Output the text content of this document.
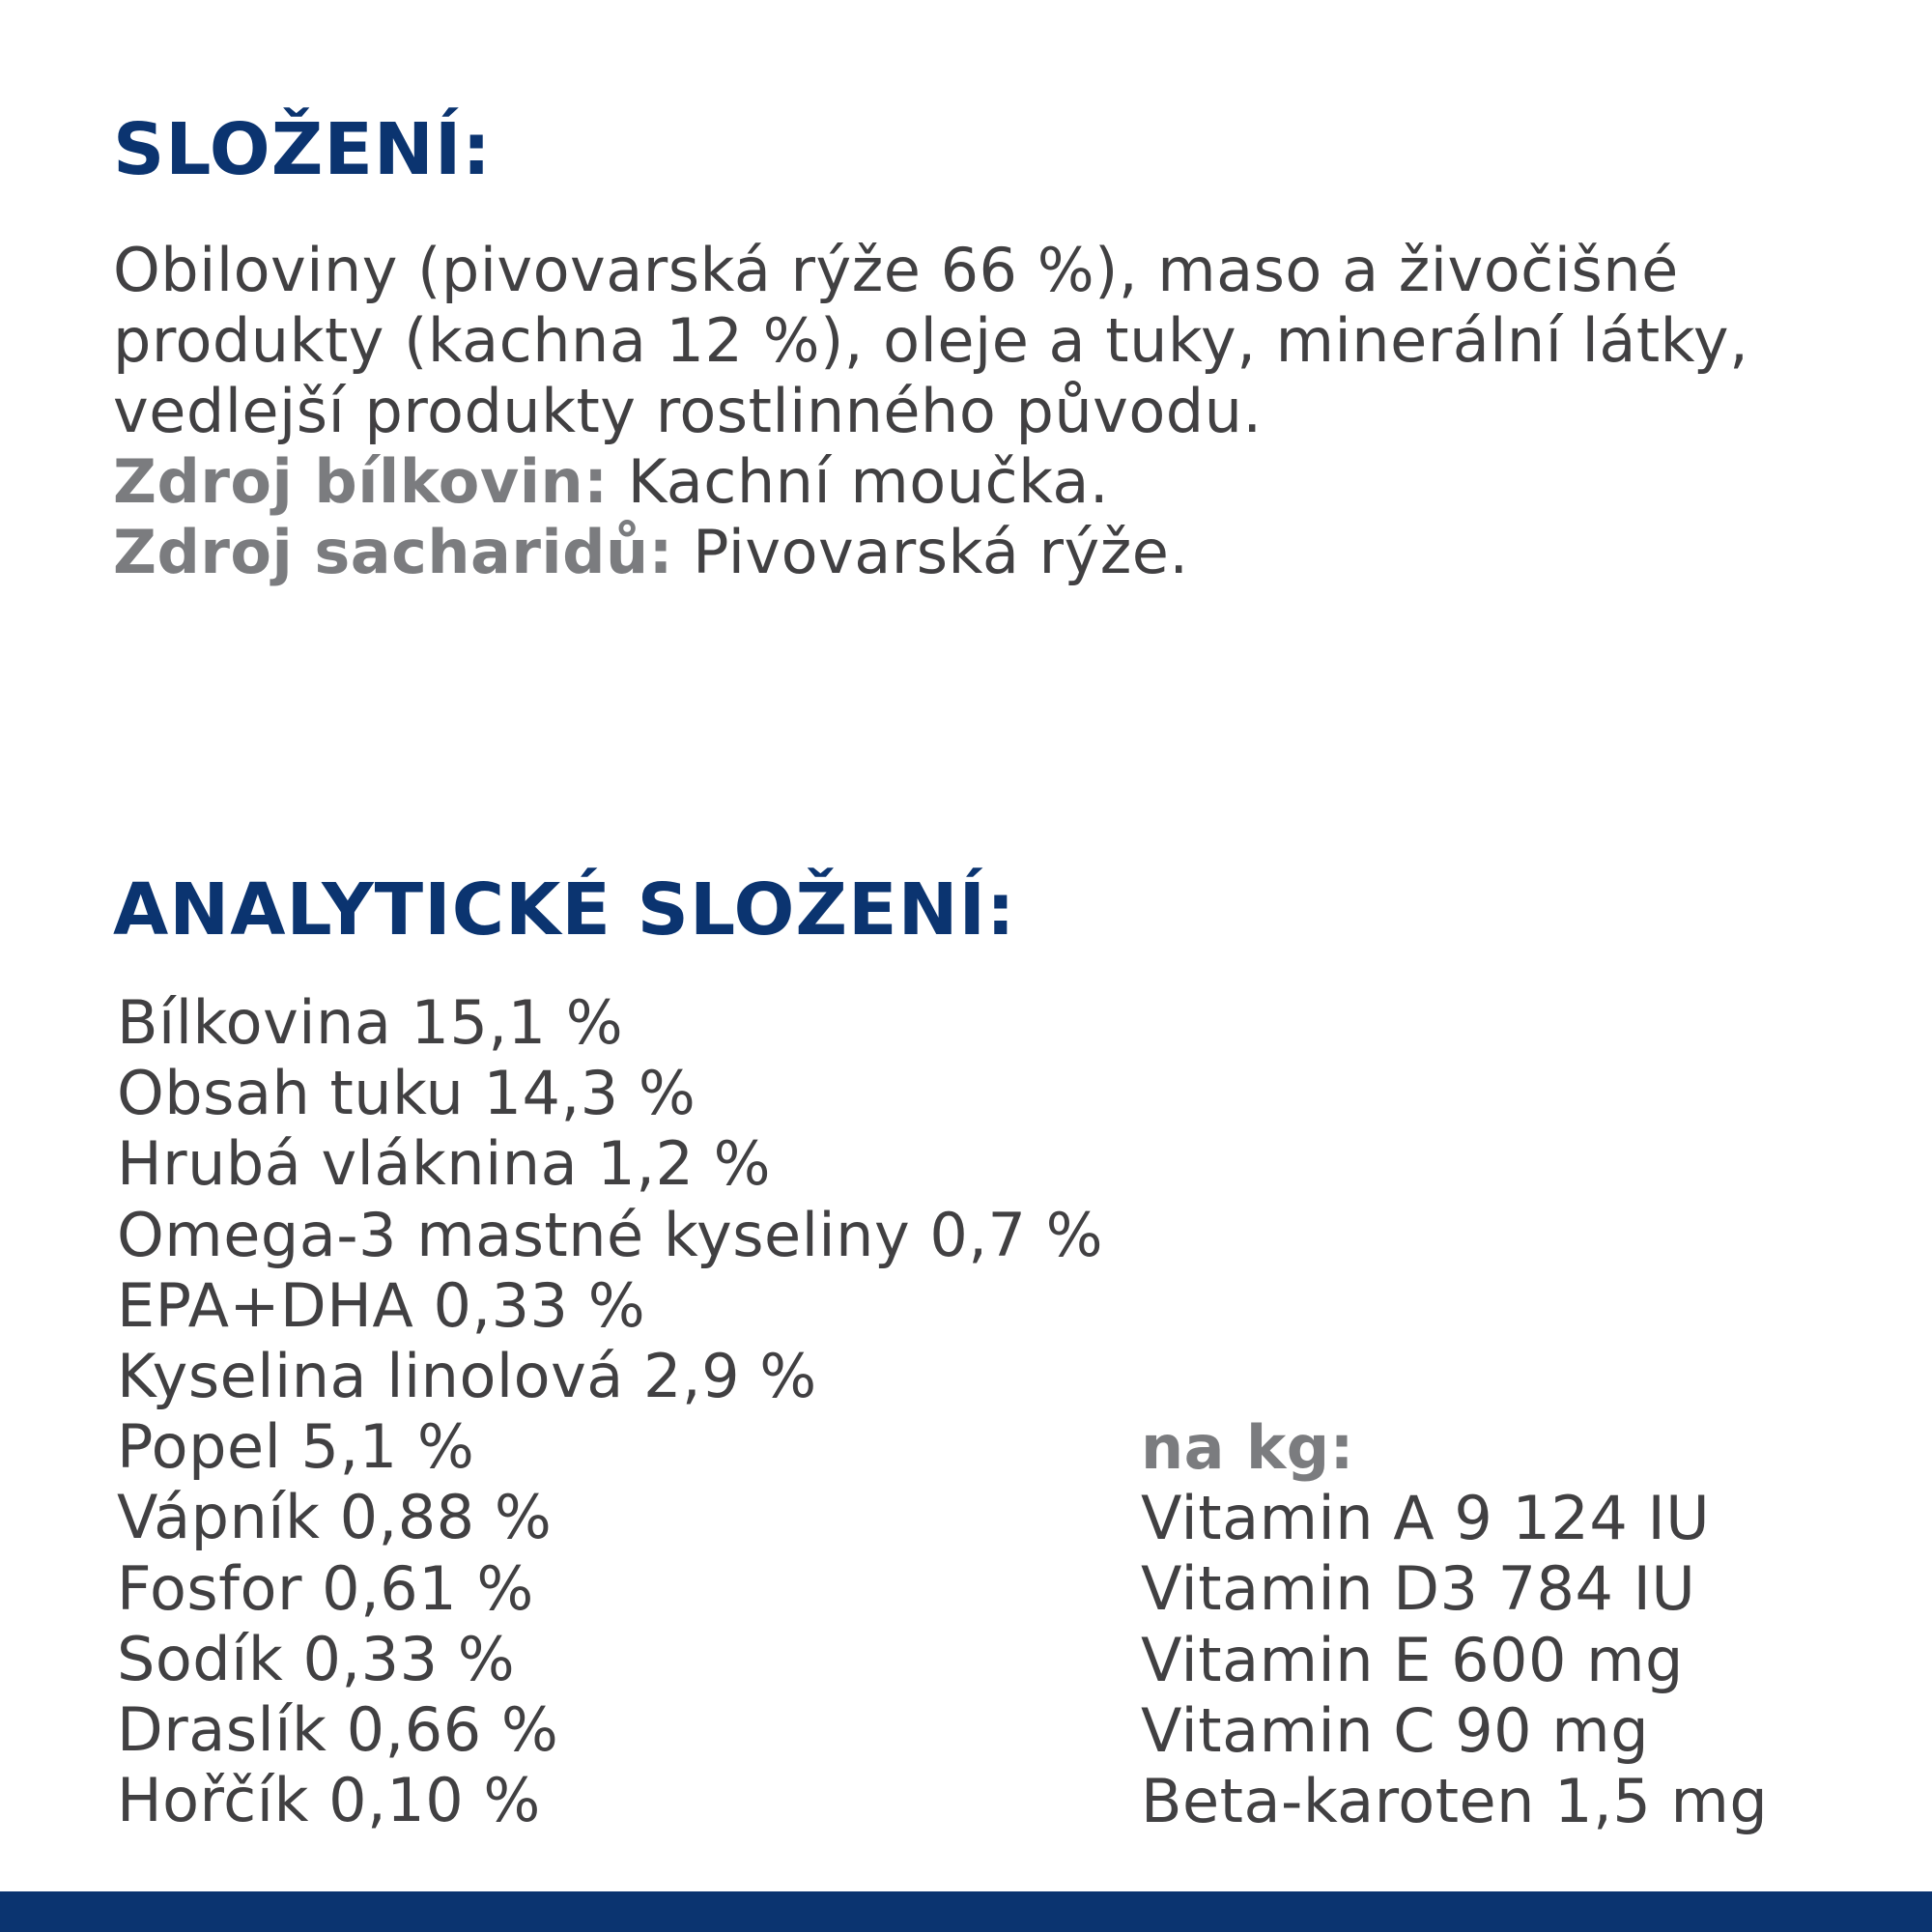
SLOŽENÍ:
Obiloviny (pivovarská rýže 66 %), maso a živočišné
produkty (kachna 12 %), oleje a tuky, minerální látky,
vedlejší produkty rostlinného původu.
Zdroj bílkovin: Kachní moučka.
Zdroj sacharidů: Pivovarská rýže.
ANALYTICKÉ SLOŽENÍ:
Bílkovina 15,1 %
Obsah tuku 14,3 %
Hrubá vláknina 1,2 %
Omega-3 mastné kyseliny 0,7 %
EPA+DHA 0,33 %
Kyselina linolová 2,9 %
Popel 5,1 %
Vápník 0,88 %
Fosfor 0,61 %
Sodík 0,33 %
Draslík 0,66 %
Hořčík 0,10 %
na kg:
Vitamin A 9 124 IU
Vitamin D3 784 IU
Vitamin E 600 mg
Vitamin C 90 mg
Beta-karoten 1,5 mg
